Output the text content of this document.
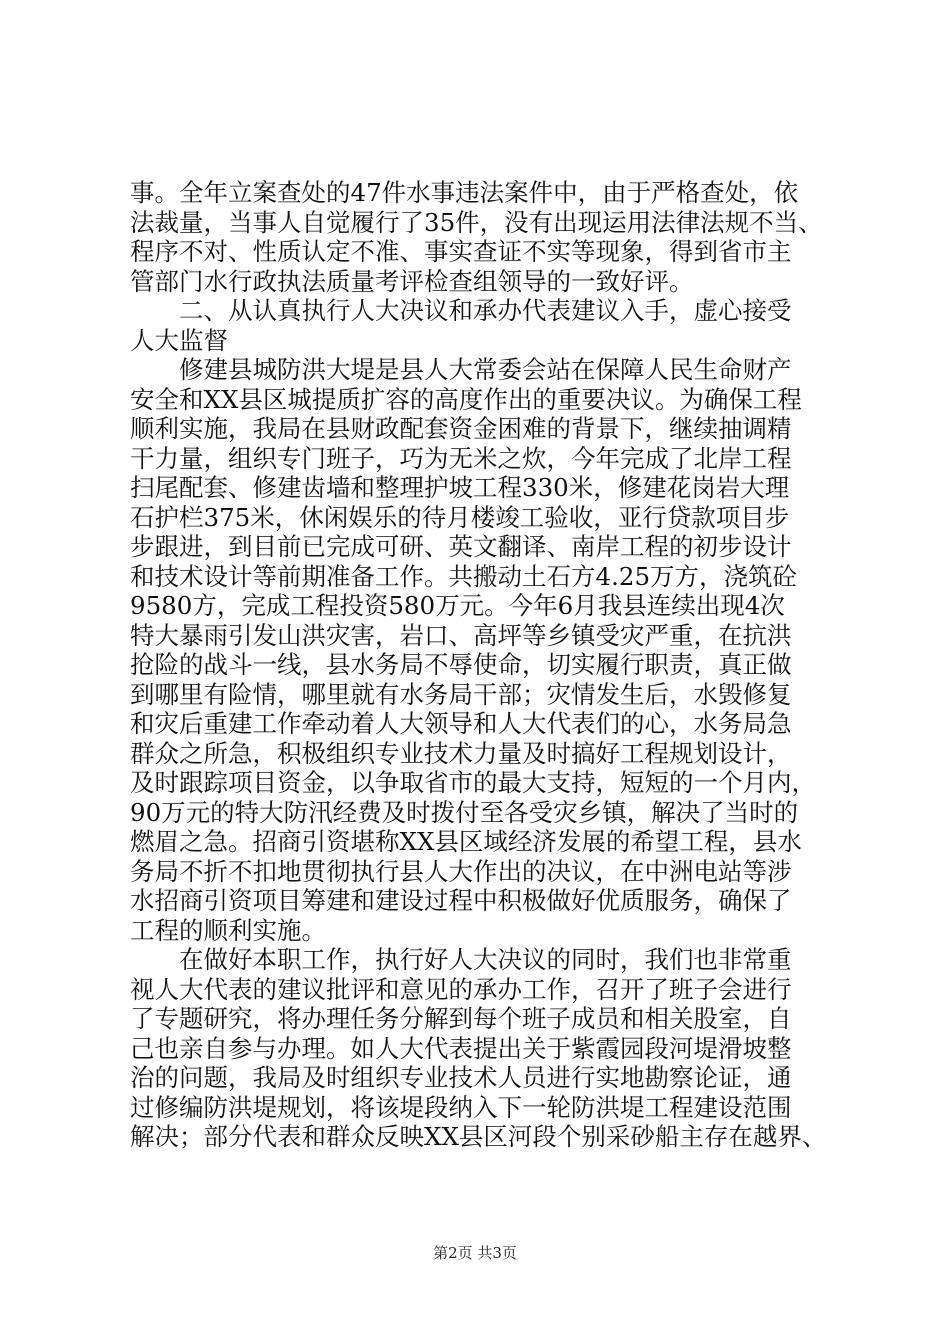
事。全年立案查处的47件水事违法案件中，由于严格查处，依
法裁量，当事人自觉履行了35件，没有出现运用法律法规不当、
程序不对、性质认定不准、事实查证不实等现象，得到省市主
管部门水行政执法质量考评检查组领导的一致好评。
　　二、从认真执行人大决议和承办代表建议入手，虚心接受
人大监督
　　修建县城防洪大堤是县人大常委会站在保障人民生命财产
安全和XX县区城提质扩容的高度作出的重要决议。为确保工程
顺利实施，我局在县财政配套资金困难的背景下，继续抽调精
干力量，组织专门班子，巧为无米之炊，今年完成了北岸工程
扫尾配套、修建齿墙和整理护坡工程330米，修建花岗岩大理
石护栏375米，休闲娱乐的待月楼竣工验收，亚行贷款项目步
步跟进，到目前已完成可研、英文翻译、南岸工程的初步设计
和技术设计等前期准备工作。共搬动土石方4.25万方，浇筑砼
9580方，完成工程投资580万元。今年6月我县连续出现4次
特大暴雨引发山洪灾害，岩口、高坪等乡镇受灾严重，在抗洪
抢险的战斗一线，县水务局不辱使命，切实履行职责，真正做
到哪里有险情，哪里就有水务局干部；灾情发生后，水毁修复
和灾后重建工作牵动着人大领导和人大代表们的心，水务局急
群众之所急，积极组织专业技术力量及时搞好工程规划设计，
及时跟踪项目资金，以争取省市的最大支持，短短的一个月内，
90万元的特大防汛经费及时拨付至各受灾乡镇，解决了当时的
燃眉之急。招商引资堪称XX县区域经济发展的希望工程，县水
务局不折不扣地贯彻执行县人大作出的决议，在中洲电站等涉
水招商引资项目筹建和建设过程中积极做好优质服务，确保了
工程的顺利实施。
　　在做好本职工作，执行好人大决议的同时，我们也非常重
视人大代表的建议批评和意见的承办工作，召开了班子会进行
了专题研究，将办理任务分解到每个班子成员和相关股室，自
己也亲自参与办理。如人大代表提出关于紫霞园段河堤滑坡整
治的问题，我局及时组织专业技术人员进行实地勘察论证，通
过修编防洪堤规划，将该堤段纳入下一轮防洪堤工程建设范围
解决；部分代表和群众反映XX县区河段个别采砂船主存在越界、
第2页 共3页
